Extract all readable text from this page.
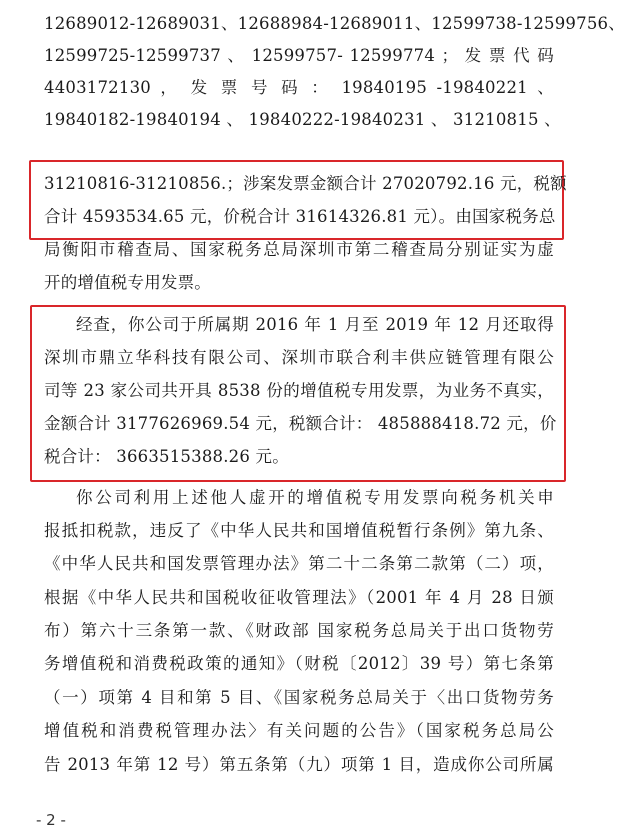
12689012-12689031、12688984-12689011、12599738-12599756、
12599725-12599737 、 12599757- 12599774 ； 发 票 代 码
4403172130 ， 发 票 号 码 ： 19840195 -19840221 、
19840182-19840194 、 19840222-19840231 、 31210815 、
31210816-31210856.；涉案发票金额合计 27020792.16 元，税额
合计 4593534.65 元，价税合计 31614326.81 元）。由国家税务总
局衡阳市稽查局、国家税务总局深圳市第二稽查局分别证实为虚
开的增值税专用发票。
经查，你公司于所属期 2016 年 1 月至 2019 年 12 月还取得
深圳市鼎立华科技有限公司、深圳市联合利丰供应链管理有限公
司等 23 家公司共开具 8538 份的增值税专用发票，为业务不真实，
金额合计 3177626969.54 元，税额合计： 485888418.72 元，价
税合计： 3663515388.26 元。
你公司利用上述他人虚开的增值税专用发票向税务机关申
报抵扣税款，违反了《中华人民共和国增值税暂行条例》第九条、
《中华人民共和国发票管理办法》第二十二条第二款第（二）项，
根据《中华人民共和国税收征收管理法》（2001 年 4 月 28 日颁
布）第六十三条第一款、《财政部 国家税务总局关于出口货物劳
务增值税和消费税政策的通知》（财税〔2012〕39 号）第七条第
（一）项第 4 目和第 5 目、《国家税务总局关于〈出口货物劳务
增值税和消费税管理办法〉有关问题的公告》（国家税务总局公
告 2013 年第 12 号）第五条第（九）项第 1 目，造成你公司所属
- 2 -
